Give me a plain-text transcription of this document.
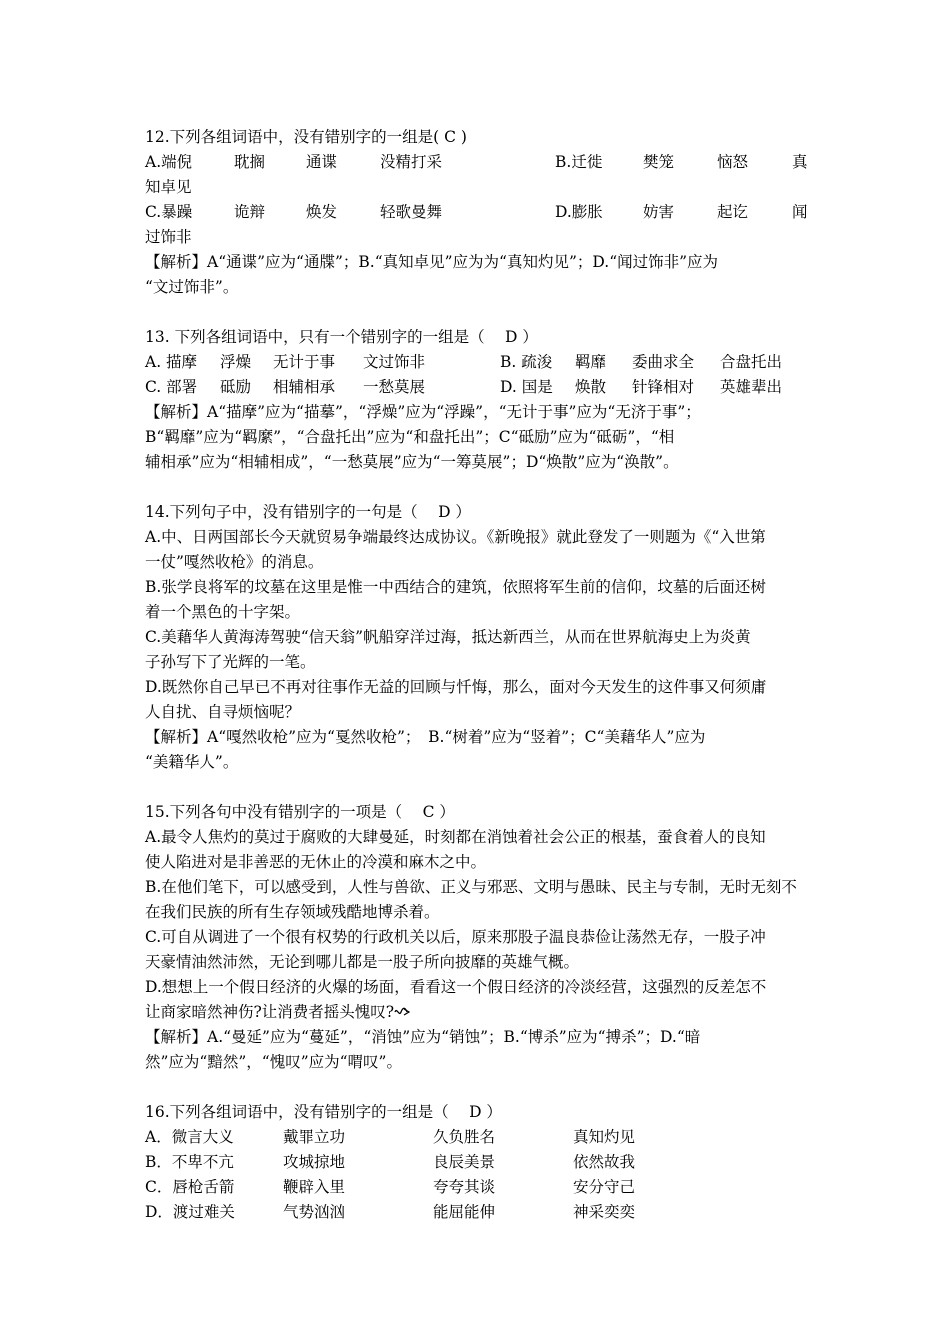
12.下列各组词语中，没有错别字的一组是( C )
A.端倪	耽搁	通谍	没精打采	B.迁徙	樊笼	恼怒	真
知卓见
C.暴躁	诡辩	焕发	轻歌曼舞	D.膨胀	妨害	起讫	闻
过饰非
【解析】A“通谍”应为“通牒”；B.“真知卓见”应为为“真知灼见”；D.“闻过饰非”应为
“文过饰非”。
13. 下列各组词语中，只有一个错别字的一组是（　 D ）
A. 描摩	浮燥	无计于事	文过饰非	B. 疏浚	羁靡	委曲求全	合盘托出
C. 部署	砥励	相辅相承	一愁莫展	D. 国是	焕散	针锋相对	英雄辈出
【解析】A“描摩”应为“描摹”，“浮燥”应为“浮躁”，“无计于事”应为“无济于事”；
B“羁靡”应为“羁縻”，“合盘托出”应为“和盘托出”；C“砥励”应为“砥砺”，“相
辅相承”应为“相辅相成”，“一愁莫展”应为“一筹莫展”；D“焕散”应为“涣散”。
14.下列句子中，没有错别字的一句是（　 D ）
A.中、日两国部长今天就贸易争端最终达成协议。《新晚报》就此登发了一则题为《“入世第
一仗”嘎然收枪》的消息。
B.张学良将军的坟墓在这里是惟一中西结合的建筑，依照将军生前的信仰，坟墓的后面还树
着一个黑色的十字架。
C.美藉华人黄海涛驾驶“信天翁”帆船穿洋过海，抵达新西兰，从而在世界航海史上为炎黄
子孙写下了光辉的一笔。
D.既然你自己早已不再对往事作无益的回顾与忏悔，那么，面对今天发生的这件事又何须庸
人自扰、自寻烦恼呢？
【解析】A“嘎然收枪”应为“戛然收枪”；　B.“树着”应为“竖着”；C“美藉华人”应为
“美籍华人”。
15.下列各句中没有错别字的一项是（　 C ）
A.最令人焦灼的莫过于腐败的大肆曼延，时刻都在消蚀着社会公正的根基，蚕食着人的良知
使人陷进对是非善恶的无休止的冷漠和麻木之中。
B.在他们笔下，可以感受到，人性与兽欲、正义与邪恶、文明与愚昧、民主与专制，无时无刻不
在我们民族的所有生存领域残酷地博杀着。
C.可自从调进了一个很有权势的行政机关以后，原来那股子温良恭俭让荡然无存，一股子冲
天豪情油然沛然，无论到哪儿都是一股子所向披靡的英雄气概。
D.想想上一个假日经济的火爆的场面，看看这一个假日经济的冷淡经营，这强烈的反差怎不
让商家暗然神伤?让消费者摇头愧叹?
【解析】A.“曼延”应为“蔓延”，“消蚀”应为“销蚀”；B.“博杀”应为“搏杀”；D.“暗
然”应为“黯然”，“愧叹”应为“喟叹”。
16.下列各组词语中，没有错别字的一组是（　 D ）
A．微言大义	戴罪立功	久负胜名	真知灼见
B．不卑不亢	攻城掠地	良辰美景	依然故我
C．唇枪舌箭	鞭辟入里	夸夸其谈	安分守己
D．渡过难关	气势汹汹	能屈能伸	神采奕奕
